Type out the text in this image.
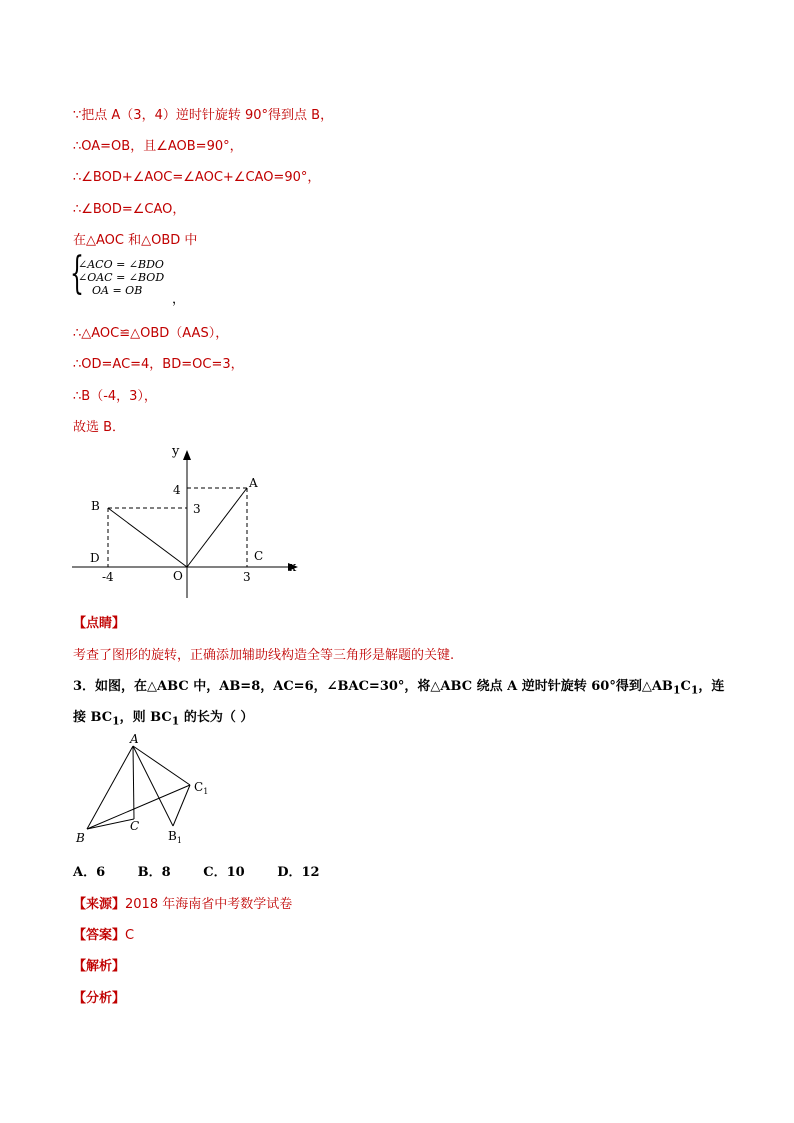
∵把点 A（3，4）逆时针旋转 90°得到点 B，
∴OA=OB，且∠AOB=90°，
∴∠BOD+∠AOC=∠AOC+∠CAO=90°，
∴∠BOD=∠CAO，
在△AOC 和△OBD 中
{
∠ACO = ∠BDO
∠OAC = ∠BOD
OA = OB
，
∴△AOC≌△OBD（AAS），
∴OD=AC=4，BD=OC=3，
∴B（-4，3），
故选 B．
y
x
A
B
C
D
O
4
3
-4	3
【点睛】
考查了图形的旋转，正确添加辅助线构造全等三角形是解题的关键.
3．如图，在△ABC 中，AB=8，AC=6，∠BAC=30°，将△ABC 绕点 A 逆时针旋转 60°得到$\triangle AB_1C_1$，连
接 $BC_1$，则 $BC_1$ 的长为（ ）
A
B
C
$C_1$
$B_1$
A．6	B．8	C．10	D．12
【来源】2018 年海南省中考数学试卷
【答案】C
【解析】
【分析】
